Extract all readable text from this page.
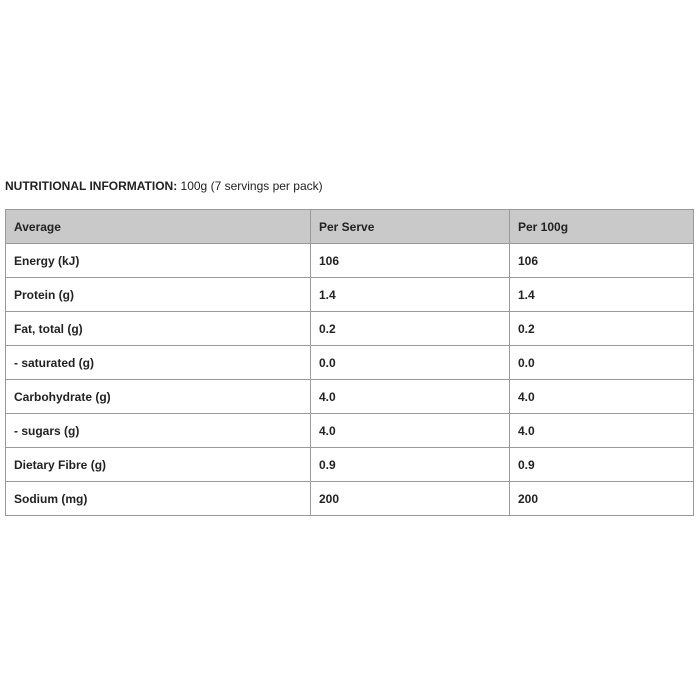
NUTRITIONAL INFORMATION: 100g (7 servings per pack)
Average	Per Serve	Per 100g
Energy (kJ)	106	106
Protein (g)	1.4	1.4
Fat, total (g)	0.2	0.2
- saturated (g)	0.0	0.0
Carbohydrate (g)	4.0	4.0
- sugars (g)	4.0	4.0
Dietary Fibre (g)	0.9	0.9
Sodium (mg)	200	200
